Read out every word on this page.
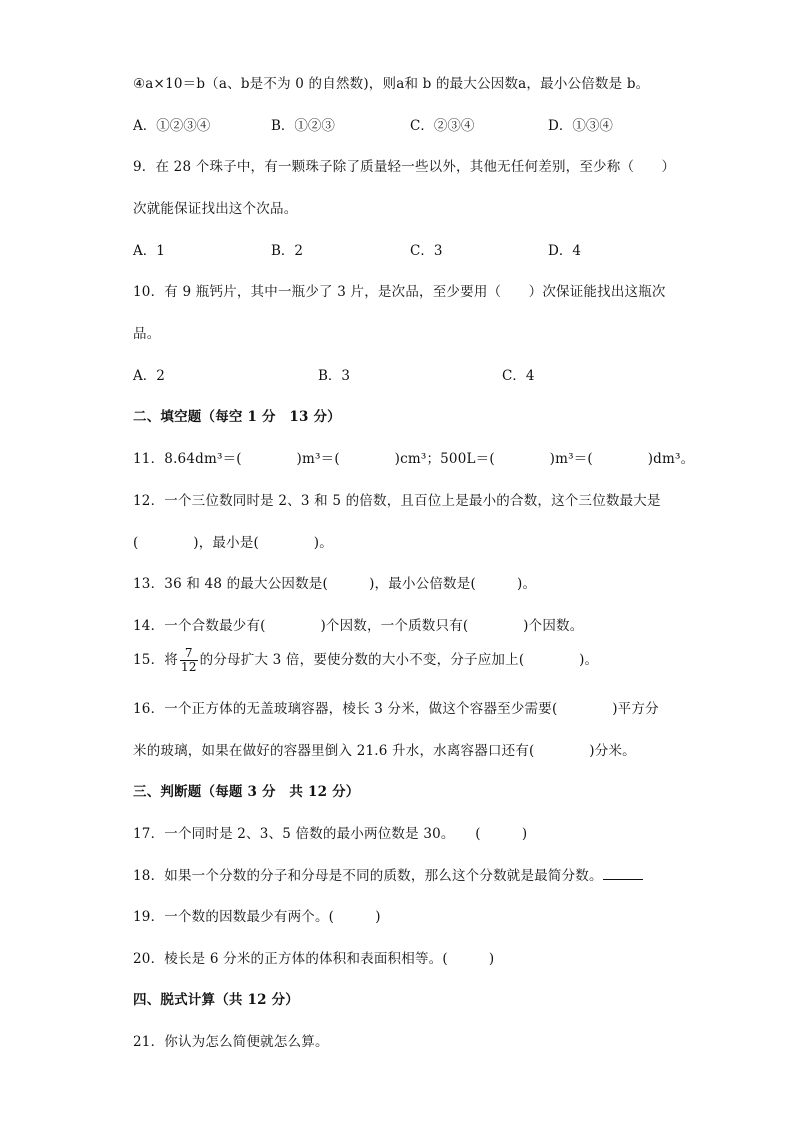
④a×10＝b（a、b是不为 0 的自然数)，则a和 b 的最大公因数a，最小公倍数是 b。
A．①②③④	B．①②③	C．②③④	D．①③④
9．在 28 个珠子中，有一颗珠子除了质量轻一些以外，其他无任何差别，至少称（　　）
次就能保证找出这个次品。
A．1	B．2	C．3	D．4
10．有 9 瓶钙片，其中一瓶少了 3 片，是次品，至少要用（　　）次保证能找出这瓶次
品。
A．2	B．3	C．4
二、填空题（每空 1 分　13 分）
11．8.64dm³＝(　　　　)m³＝(　　　　)cm³；500L＝(　　　　)m³＝(　　　　)dm³。
12．一个三位数同时是 2、3 和 5 的倍数，且百位上是最小的合数，这个三位数最大是
(　　　　)，最小是(　　　　)。
13．36 和 48 的最大公因数是(　　　)，最小公倍数是(　　　)。
14．一个合数最少有(　　　　)个因数，一个质数只有(　　　　)个因数。
15．将 $\frac{7}{12}$ 的分母扩大 3 倍，要使分数的大小不变，分子应加上(　　　　)。
16．一个正方体的无盖玻璃容器，棱长 3 分米，做这个容器至少需要(　　　　)平方分
米的玻璃，如果在做好的容器里倒入 21.6 升水，水离容器口还有(　　　　)分米。
三、判断题（每题 3 分　共 12 分）
17．一个同时是 2、3、5 倍数的最小两位数是 30。　　(　　　)
18．如果一个分数的分子和分母是不同的质数，那么这个分数就是最简分数。
19．一个数的因数最少有两个。(　　　)
20．棱长是 6 分米的正方体的体积和表面积相等。(　　　)
四、脱式计算（共 12 分）
21．你认为怎么简便就怎么算。
